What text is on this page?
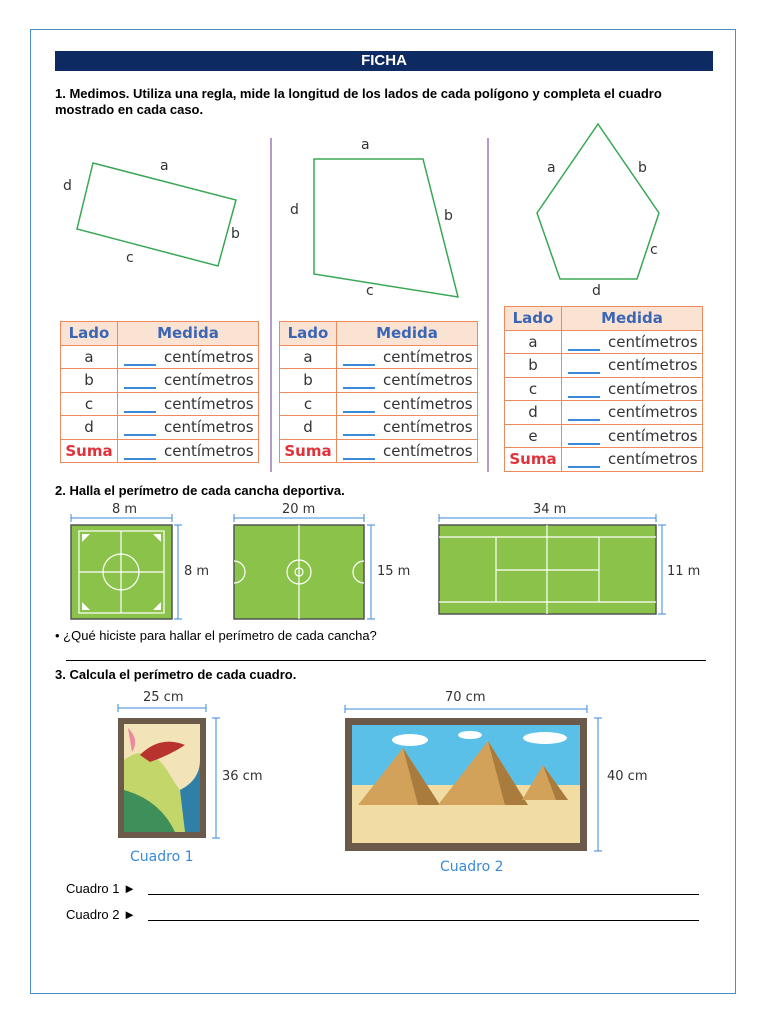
FICHA
1. Medimos. Utiliza una regla, mide la longitud de los lados de cada polígono y completa el cuadro mostrado en cada caso.
a
b
c
d
a
b
c
d
a	b
c
d
Lado	Medida
a	centímetros
b	centímetros
c	centímetros
d	centímetros
Suma	centímetros
Lado	Medida
a	centímetros
b	centímetros
c	centímetros
d	centímetros
Suma	centímetros
Lado	Medida
a	centímetros
b	centímetros
c	centímetros
d	centímetros
e	centímetros
Suma	centímetros
2. Halla el perímetro de cada cancha deportiva.
8 m
8 m
20 m
15 m
34 m
11 m
• ¿Qué hiciste para hallar el perímetro de cada cancha?
3. Calcula el perímetro de cada cuadro.
25 cm
36 cm
Cuadro 1
70 cm
40 cm
Cuadro 2
Cuadro 1 ►
Cuadro 2 ►
